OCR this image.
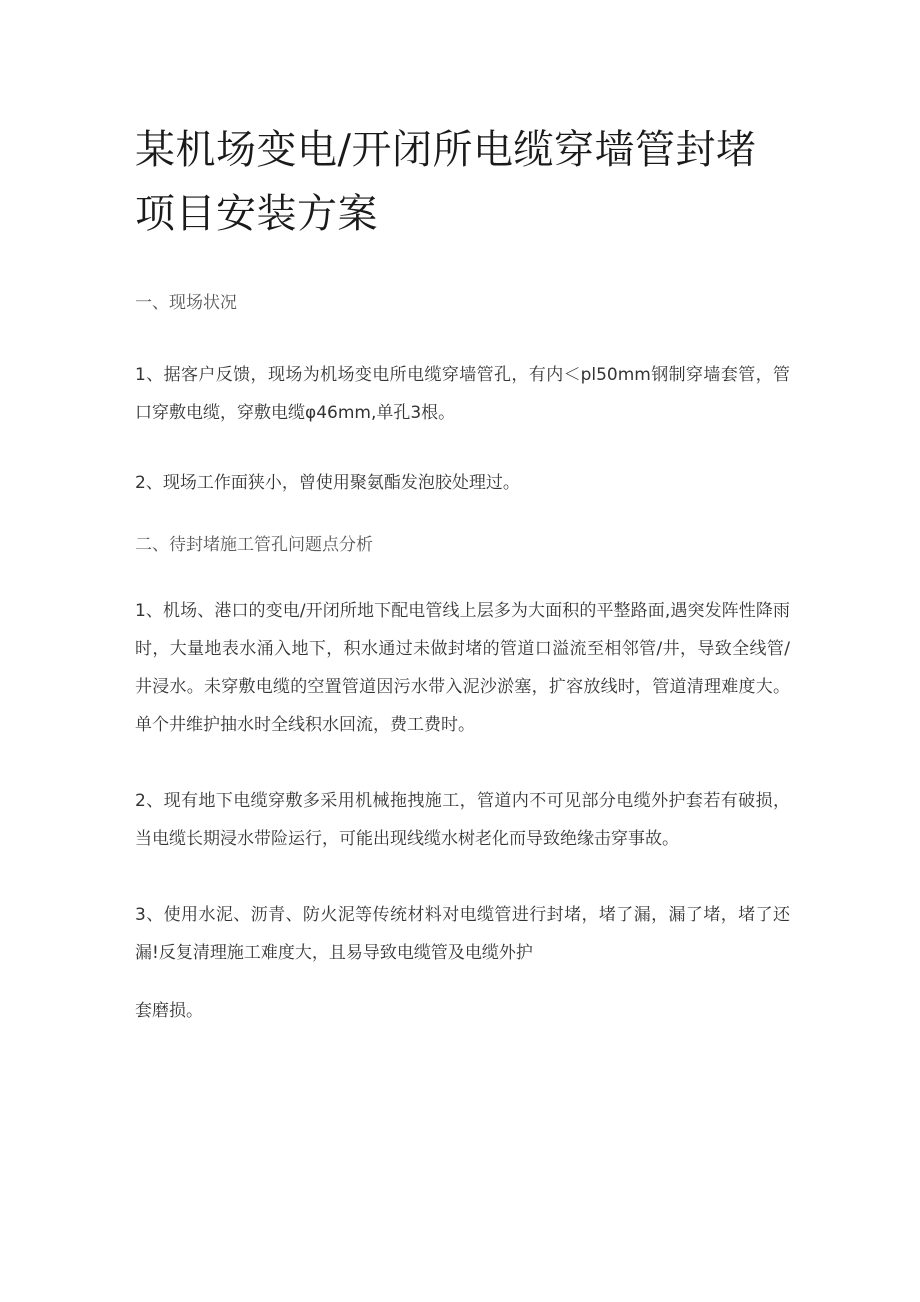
某机场变电/开闭所电缆穿墙管封堵项目安装方案

一、现场状况

1、据客户反馈，现场为机场变电所电缆穿墙管孔，有内＜pl50mm钢制穿墙套管，管口穿敷电缆，穿敷电缆φ46mm,单孔3根。

2、现场工作面狭小，曾使用聚氨酯发泡胶处理过。

二、待封堵施工管孔问题点分析

1、机场、港口的变电/开闭所地下配电管线上层多为大面积的平整路面,遇突发阵性降雨时，大量地表水涌入地下，积水通过未做封堵的管道口溢流至相邻管/井，导致全线管/井浸水。未穿敷电缆的空置管道因污水带入泥沙淤塞，扩容放线时，管道清理难度大。单个井维护抽水时全线积水回流，费工费时。

2、现有地下电缆穿敷多采用机械拖拽施工，管道内不可见部分电缆外护套若有破损，当电缆长期浸水带险运行，可能出现线缆水树老化而导致绝缘击穿事故。

3、使用水泥、沥青、防火泥等传统材料对电缆管进行封堵，堵了漏，漏了堵，堵了还漏!反复清理施工难度大，且易导致电缆管及电缆外护

套磨损。
